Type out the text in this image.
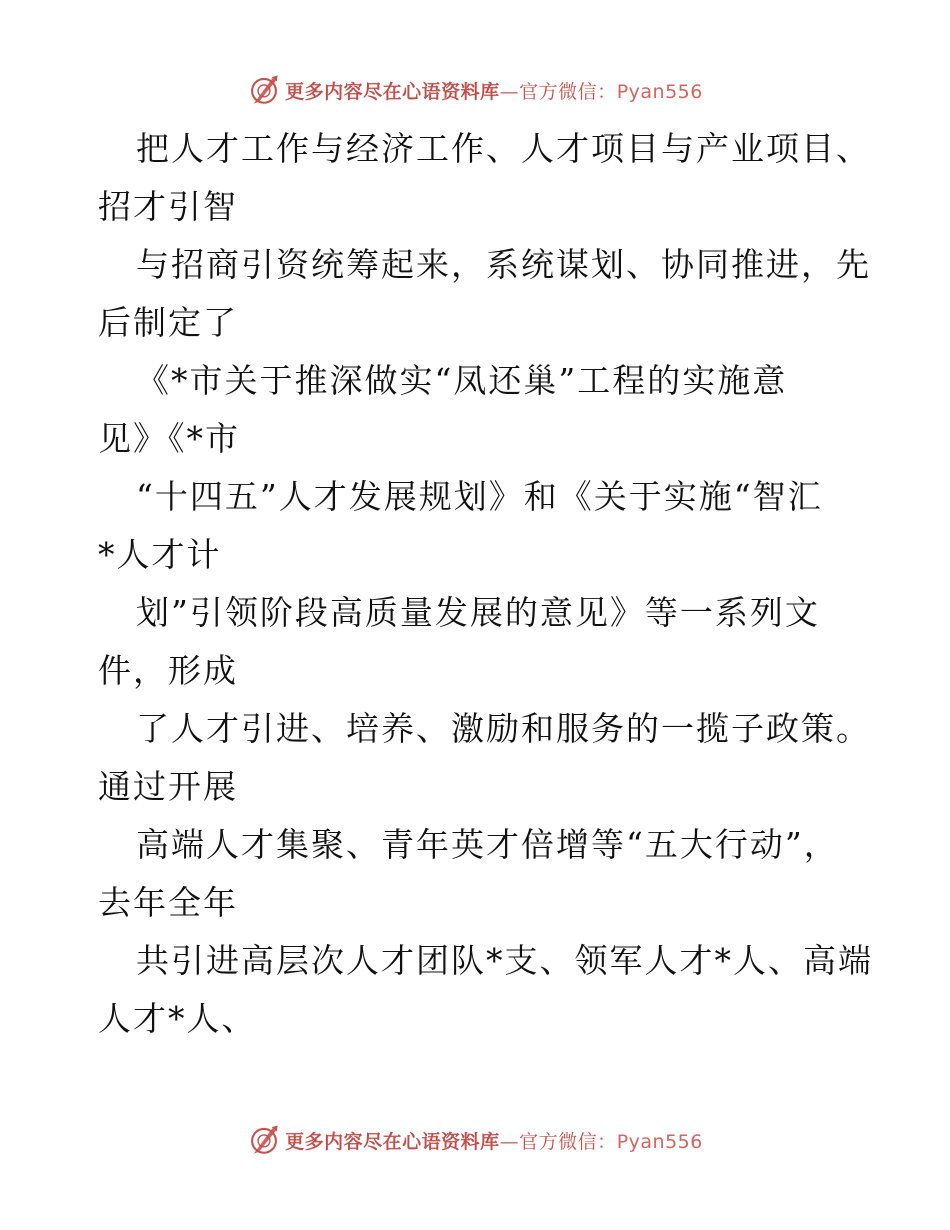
更多内容尽在心语资料库—官方微信：Pyan556
把人才工作与经济工作、人才项目与产业项目、
招才引智
与招商引资统筹起来，系统谋划、协同推进，先
后制定了
《*市关于推深做实“凤还巢”工程的实施意
见》《*市
“十四五”人才发展规划》和《关于实施“智汇
*人才计
划”引领阶段高质量发展的意见》等一系列文
件，形成
了人才引进、培养、激励和服务的一揽子政策。
通过开展
高端人才集聚、青年英才倍增等“五大行动”，
去年全年
共引进高层次人才团队*支、领军人才*人、高端
人才*人、
更多内容尽在心语资料库—官方微信：Pyan556
